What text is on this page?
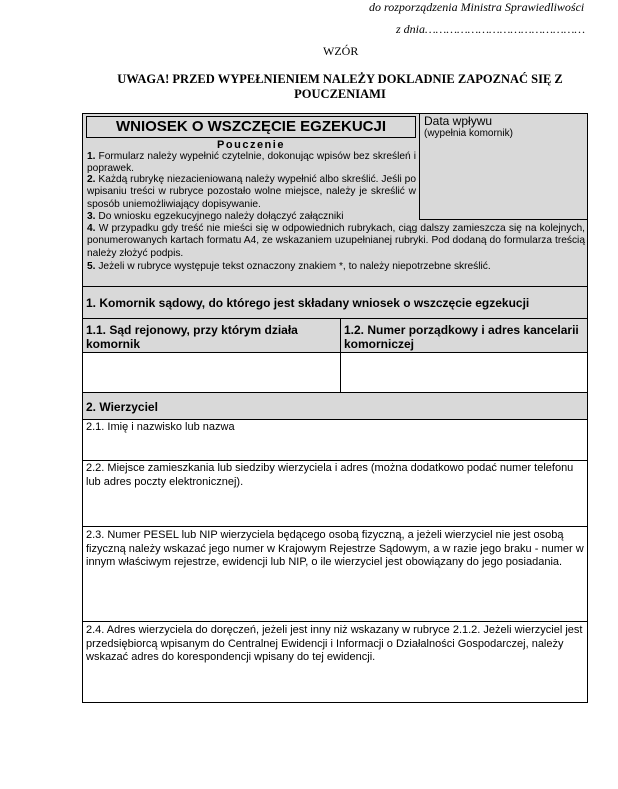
do rozporządzenia Ministra Sprawiedliwości
z dnia………………………………………
WZÓR
UWAGA! PRZED WYPEŁNIENIEM NALEŻY DOKLADNIE ZAPOZNAĆ SIĘ Z POUCZENIAMI
WNIOSEK O WSZCZĘCIE EGZEKUCJI	Data wpływu
(wypełnia komornik)
Pouczenie
1. Formularz należy wypełnić czytelnie, dokonując wpisów bez skreśleń i poprawek.
2. Każdą rubrykę niezacieniowaną należy wypełnić albo skreślić. Jeśli po wpisaniu treści w rubryce pozostało wolne miejsce, należy je skreślić w sposób uniemożliwiający dopisywanie.
3. Do wniosku egzekucyjnego należy dołączyć załączniki
4. W przypadku gdy treść nie mieści się w odpowiednich rubrykach, ciąg dalszy zamieszcza się na kolejnych, ponumerowanych kartach formatu A4, ze wskazaniem uzupełnianej rubryki. Pod dodaną do formularza treścią należy złożyć podpis.
5. Jeżeli w rubryce występuje tekst oznaczony znakiem *, to należy niepotrzebne skreślić.
1. Komornik sądowy, do którego jest składany wniosek o wszczęcie egzekucji
1.1. Sąd rejonowy, przy którym działa komornik
1.2. Numer porządkowy i adres kancelarii komorniczej
2. Wierzyciel
2.1. Imię i nazwisko lub nazwa
2.2. Miejsce zamieszkania lub siedziby wierzyciela i adres (można dodatkowo podać numer telefonu lub adres poczty elektronicznej).
2.3. Numer PESEL lub NIP wierzyciela będącego osobą fizyczną, a jeżeli wierzyciel nie jest osobą fizyczną należy wskazać jego numer w Krajowym Rejestrze Sądowym, a w razie jego braku - numer w innym właściwym rejestrze, ewidencji lub NIP, o ile wierzyciel jest obowiązany do jego posiadania.
2.4. Adres wierzyciela do doręczeń, jeżeli jest inny niż wskazany w rubryce 2.1.2. Jeżeli wierzyciel jest przedsiębiorcą wpisanym do Centralnej Ewidencji i Informacji o Działalności Gospodarczej, należy wskazać adres do korespondencji wpisany do tej ewidencji.
